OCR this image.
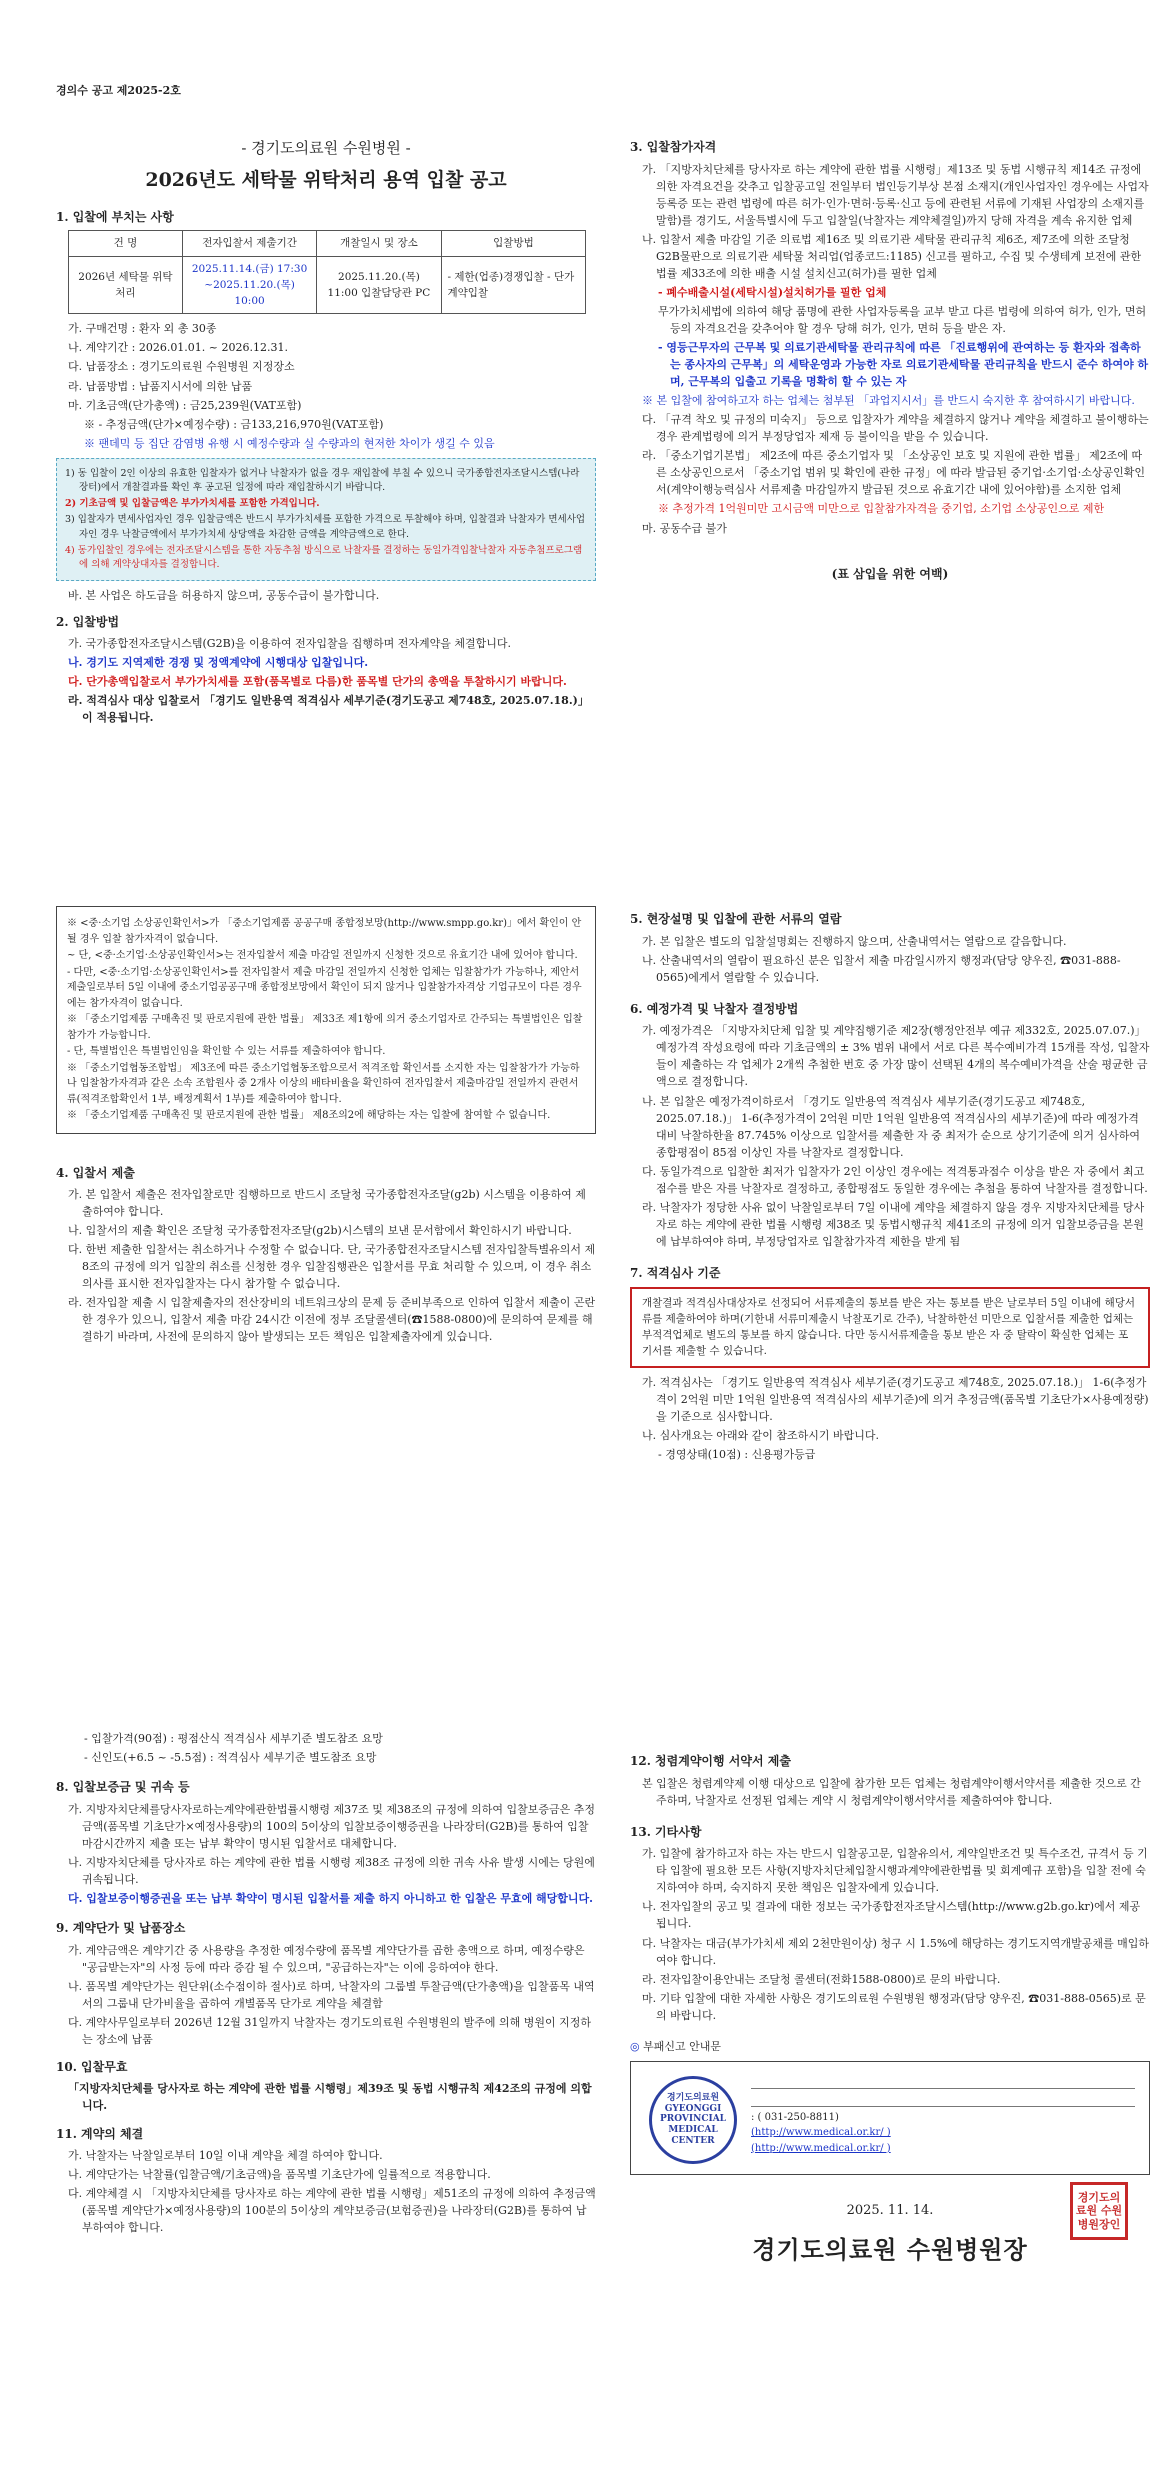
경의수 공고 제2025-2호

- 경기도의료원 수원병원 -

2026년도 세탁물 위탁처리 용역 입찰 공고

1. 입찰에 부치는 사항

건 명	전자입찰서 제출기간	개찰일시 및 장소	입찰방법
2026년 세탁물 위탁처리	2025.11.14.(금) 17:30 ~2025.11.20.(목) 10:00	2025.11.20.(목) 11:00 입찰담당관 PC	- 제한(업종)경쟁입찰 - 단가계약입찰

가. 구매건명 : 환자 외 총 30종

나. 계약기간 : 2026.01.01. ~ 2026.12.31.

다. 납품장소 : 경기도의료원 수원병원 지정장소

라. 납품방법 : 납품지시서에 의한 납품

마. 기초금액(단가총액) : 금25,239원(VAT포함)

※ - 추정금액(단가×예정수량) : 금133,216,970원(VAT포함)

※ 팬데믹 등 집단 감염병 유행 시 예정수량과 실 수량과의 현저한 차이가 생길 수 있음

1) 동 입찰이 2인 이상의 유효한 입찰자가 없거나 낙찰자가 없을 경우 재입찰에 부칠 수 있으니 국가종합전자조달시스템(나라장터)에서 개찰결과를 확인 후 공고된 일정에 따라 재입찰하시기 바랍니다.

2) 기초금액 및 입찰금액은 부가가치세를 포함한 가격입니다.

3) 입찰자가 면세사업자인 경우 입찰금액은 반드시 부가가치세를 포함한 가격으로 투찰해야 하며, 입찰결과 낙찰자가 면세사업자인 경우 낙찰금액에서 부가가치세 상당액을 차감한 금액을 계약금액으로 한다.

4) 동가입찰인 경우에는 전자조달시스템을 통한 자동추첨 방식으로 낙찰자를 결정하는 동일가격입찰낙찰자 자동추첨프로그램에 의해 계약상대자를 결정합니다.

바. 본 사업은 하도급을 허용하지 않으며, 공동수급이 불가합니다.

2. 입찰방법

가. 국가종합전자조달시스템(G2B)을 이용하여 전자입찰을 집행하며 전자계약을 체결합니다.

나. 경기도 지역제한 경쟁 및 정액계약에 시행대상 입찰입니다.

다. 단가총액입찰로서 부가가치세를 포함(품목별로 다름)한 품목별 단가의 총액을 투찰하시기 바랍니다.

라. 적격심사 대상 입찰로서 「경기도 일반용역 적격심사 세부기준(경기도공고 제748호, 2025.07.18.)」이 적용됩니다.

3. 입찰참가자격

가. 「지방자치단체를 당사자로 하는 계약에 관한 법률 시행령」제13조 및 동법 시행규칙 제14조 규정에 의한 자격요건을 갖추고 입찰공고일 전일부터 법인등기부상 본점 소재지(개인사업자인 경우에는 사업자등록증 또는 관련 법령에 따른 허가·인가·면허·등록·신고 등에 관련된 서류에 기재된 사업장의 소재지를 말함)를 경기도, 서울특별시에 두고 입찰일(낙찰자는 계약체결일)까지 당해 자격을 계속 유지한 업체

나. 입찰서 제출 마감일 기준 의료법 제16조 및 의료기관 세탁물 관리규칙 제6조, 제7조에 의한 조달청 G2B물판으로 의료기관 세탁물 처리업(업종코드:1185) 신고를 필하고, 수집 및 수생테계 보전에 관한 법률 제33조에 의한 배출 시설 설치신고(허가)를 필한 업체

- 폐수배출시설(세탁시설)설치허가를 필한 업체

무가가치세법에 의하여 해당 품명에 관한 사업자등록을 교부 받고 다른 법령에 의하여 허가, 인가, 면허 등의 자격요건을 갖추어야 할 경우 당해 허가, 인가, 면허 등을 받은 자.

- 영등근무자의 근무복 및 의료기관세탁물 관리규칙에 따른 「진료행위에 관여하는 등 환자와 접촉하는 종사자의 근무복」의 세탁운영과 가능한 자로 의료기관세탁물 관리규칙을 반드시 준수 하여야 하며, 근무복의 입출고 기록을 명확히 할 수 있는 자

※ 본 입찰에 참여하고자 하는 업체는 첨부된 「과업지시서」를 반드시 숙지한 후 참여하시기 바랍니다.

다. 「규격 착오 및 규정의 미숙지」 등으로 입찰자가 계약을 체결하지 않거나 계약을 체결하고 불이행하는 경우 관계법령에 의거 부정당업자 제재 등 불이익을 받을 수 있습니다.

라. 「중소기업기본법」 제2조에 따른 중소기업자 및 「소상공인 보호 및 지원에 관한 법률」 제2조에 따른 소상공인으로서 「중소기업 범위 및 확인에 관한 규정」에 따라 발급된 중기업·소기업·소상공인확인서(계약이행능력심사 서류제출 마감일까지 발급된 것으로 유효기간 내에 있어야함)를 소지한 업체

※ 추정가격 1억원미만 고시금액 미만으로 입찰참가자격을 중기업, 소기업 소상공인으로 제한

마. 공동수급 불가

(표 삼입을 위한 여백)

※ <중·소기업 소상공인확인서>가 「중소기업제품 공공구매 종합정보망(http://www.smpp.go.kr)」에서 확인이 안 될 경우 입찰 참가자격이 없습니다.

~ 단, <중·소기업·소상공인확인서>는 전자입찰서 제출 마감일 전일까지 신청한 것으로 유효기간 내에 있어야 합니다.

- 다만, <중·소기업·소상공인확인서>를 전자입찰서 제출 마감일 전일까지 신청한 업체는 입찰참가가 가능하나, 제안서 제출일로부터 5일 이내에 중소기업공공구매 종합정보망에서 확인이 되지 않거나 입찰참가자격상 기업규모이 다른 경우에는 참가자격이 없습니다.

※ 「중소기업제품 구매촉진 및 판로지원에 관한 법률」 제33조 제1항에 의거 중소기업자로 간주되는 특별법인은 입찰참가가 가능합니다.

- 단, 특별법인은 특별법인임을 확인할 수 있는 서류를 제출하여야 합니다.

※ 「중소기업협동조합법」 제3조에 따른 중소기업협동조합으로서 적격조합 확인서를 소지한 자는 입찰참가가 가능하나 입찰참가자격과 같은 소속 조합원사 중 2개사 이상의 배타비율을 확인하여 전자입찰서 제출마감일 전일까지 관련서류(적격조합확인서 1부, 배정계획서 1부)를 제출하여야 합니다.

※ 「중소기업제품 구매촉진 및 판로지원에 관한 법률」 제8조의2에 해당하는 자는 입찰에 참여할 수 없습니다.

4. 입찰서 제출

가. 본 입찰서 제출은 전자입찰로만 집행하므로 반드시 조달청 국가종합전자조달(g2b) 시스템을 이용하여 제출하여야 합니다.

나. 입찰서의 제출 확인은 조달청 국가종합전자조달(g2b)시스템의 보낸 문서함에서 확인하시기 바랍니다.

다. 한번 제출한 입찰서는 취소하거나 수정할 수 없습니다. 단, 국가종합전자조달시스템 전자입찰특별유의서 제8조의 규정에 의거 입찰의 취소를 신청한 경우 입찰집행관은 입찰서를 무효 처리할 수 있으며, 이 경우 취소 의사를 표시한 전자입찰자는 다시 참가할 수 없습니다.

라. 전자입찰 제출 시 입찰제출자의 전산장비의 네트워크상의 문제 등 준비부족으로 인하여 입찰서 제출이 곤란한 경우가 있으니, 입찰서 제출 마감 24시간 이전에 정부 조달콜센터(☎1588-0800)에 문의하여 문제를 해결하기 바라며, 사전에 문의하지 않아 발생되는 모든 책임은 입찰제출자에게 있습니다.

5. 현장설명 및 입찰에 관한 서류의 열람

가. 본 입찰은 별도의 입찰설명회는 진행하지 않으며, 산출내역서는 열람으로 갈음합니다.

나. 산출내역서의 열람이 필요하신 분은 입찰서 제출 마감일시까지 행정과(담당 양우진, ☎031-888-0565)에게서 열람할 수 있습니다.

6. 예정가격 및 낙찰자 결정방법

가. 예정가격은 「지방자치단체 입찰 및 계약집행기준 제2장(행정안전부 예규 제332호, 2025.07.07.)」 예정가격 작성요령에 따라 기초금액의 ± 3% 범위 내에서 서로 다른 복수예비가격 15개를 작성, 입찰자들이 제출하는 각 업체가 2개씩 추첨한 번호 중 가장 많이 선택된 4개의 복수예비가격을 산술 평균한 금액으로 결정합니다.

나. 본 입찰은 예정가격이하로서 「경기도 일반용역 적격심사 세부기준(경기도공고 제748호, 2025.07.18.)」 1-6(추정가격이 2억원 미만 1억원 일반용역 적격심사의 세부기준)에 따라 예정가격 대비 낙찰하한율 87.745% 이상으로 입찰서를 제출한 자 중 최저가 순으로 상기기준에 의거 심사하여 종합평점이 85점 이상인 자를 낙찰자로 결정합니다.

다. 동일가격으로 입찰한 최저가 입찰자가 2인 이상인 경우에는 적격통과점수 이상을 받은 자 중에서 최고점수를 받은 자를 낙찰자로 결정하고, 종합평점도 동일한 경우에는 추첨을 통하여 낙찰자를 결정합니다.

라. 낙찰자가 정당한 사유 없이 낙찰일로부터 7일 이내에 계약을 체결하지 않을 경우 지방자치단체를 당사자로 하는 계약에 관한 법률 시행령 제38조 및 동법시행규칙 제41조의 규정에 의거 입찰보증금을 본원에 납부하여야 하며, 부정당업자로 입찰참가자격 제한을 받게 됨

7. 적격심사 기준

개찰결과 적격심사대상자로 선정되어 서류제출의 통보를 받은 자는 통보를 받은 날로부터 5일 이내에 해당서류를 제출하여야 하며(기한내 서류미제출시 낙찰포기로 간주), 낙찰하한선 미만으로 입찰서를 제출한 업체는 부적격업체로 별도의 통보를 하지 않습니다. 다만 동시서류제출을 통보 받은 자 중 탈락이 확실한 업체는 포기서를 제출할 수 있습니다.

가. 적격심사는 「경기도 일반용역 적격심사 세부기준(경기도공고 제748호, 2025.07.18.)」 1-6(추정가격이 2억원 미만 1억원 일반용역 적격심사의 세부기준)에 의거 추정금액(품목별 기초단가×사용예정량)을 기준으로 심사합니다.

나. 심사개요는 아래와 같이 참조하시기 바랍니다.

- 경영상태(10점) : 신용평가등급

- 입찰가격(90점) : 평점산식 적격심사 세부기준 별도참조 요망

- 신인도(+6.5 ~ -5.5점) : 적격심사 세부기준 별도참조 요망

8. 입찰보증금 및 귀속 등

가. 지방자치단체를당사자로하는계약에관한법률시행령 제37조 및 제38조의 규정에 의하여 입찰보증금은 추정금액(품목별 기초단가×예정사용량)의 100의 5이상의 입찰보증이행증권을 나라장터(G2B)를 통하여 입찰마감시간까지 제출 또는 납부 확약이 명시된 입찰서로 대체합니다.

나. 지방자치단체를 당사자로 하는 계약에 관한 법률 시행령 제38조 규정에 의한 귀속 사유 발생 시에는 당원에 귀속됩니다.

다. 입찰보증이행증권을 또는 납부 확약이 명시된 입찰서를 제출 하지 아니하고 한 입찰은 무효에 해당합니다.

9. 계약단가 및 납품장소

가. 계약금액은 계약기간 중 사용량을 추정한 예정수량에 품목별 계약단가를 곱한 총액으로 하며, 예정수량은 "공급받는자"의 사정 등에 따라 증감 될 수 있으며, "공급하는자"는 이에 응하여야 한다.

나. 품목별 계약단가는 원단위(소수점이하 절사)로 하며, 낙찰자의 그룹별 투찰금액(단가총액)을 입찰품목 내역서의 그룹내 단가비율을 곱하여 개별품목 단가로 계약을 체결함

다. 계약사무일로부터 2026년 12월 31일까지 낙찰자는 경기도의료원 수원병원의 발주에 의해 병원이 지정하는 장소에 납품

10. 입찰무효

「지방자치단체를 당사자로 하는 계약에 관한 법률 시행령」제39조 및 동법 시행규칙 제42조의 규정에 의합니다.

11. 계약의 체결

가. 낙찰자는 낙찰일로부터 10일 이내 계약을 체결 하여야 합니다.

나. 계약단가는 낙찰률(입찰금액/기초금액)을 품목별 기초단가에 일률적으로 적용합니다.

다. 계약체결 시 「지방자치단체를 당사자로 하는 계약에 관한 법률 시행령」제51조의 규정에 의하여 추정금액(품목별 계약단가×예정사용량)의 100분의 5이상의 계약보증금(보험증권)을 나라장터(G2B)를 통하여 납부하여야 합니다.

12. 청렴계약이행 서약서 제출

본 입찰은 청렴계약제 이행 대상으로 입찰에 참가한 모든 업체는 청렴계약이행서약서를 제출한 것으로 간주하며, 낙찰자로 선정된 업체는 계약 시 청렴계약이행서약서를 제출하여야 합니다.

13. 기타사항

가. 입찰에 참가하고자 하는 자는 반드시 입찰공고문, 입찰유의서, 계약일반조건 및 특수조건, 규격서 등 기타 입찰에 필요한 모든 사항(지방자치단체입찰시행과계약에관한법률 및 회계예규 포함)을 입찰 전에 숙지하여야 하며, 숙지하지 못한 책임은 입찰자에게 있습니다.

나. 전자입찰의 공고 및 결과에 대한 정보는 국가종합전자조달시스템(http://www.g2b.go.kr)에서 제공됩니다.

다. 낙찰자는 대금(부가가치세 제외 2천만원이상) 청구 시 1.5%에 해당하는 경기도지역개발공채를 매입하여야 합니다.

라. 전자입찰이용안내는 조달청 콜센터(전화1588-0800)로 문의 바랍니다.

마. 기타 입찰에 대한 자세한 사항은 경기도의료원 수원병원 행정과(담당 양우진, ☎031-888-0565)로 문의 바랍니다.

◎ 부패신고 안내문

경기도의료원 GYEONGGI PROVINCIAL MEDICAL CENTER

: ( 031-250-8811)

(http://www.medical.or.kr/ )

(http://www.medical.or.kr/ )

2025. 11. 14.

경기도의료원 수원병원장

경기도의료원 수원병원장인
